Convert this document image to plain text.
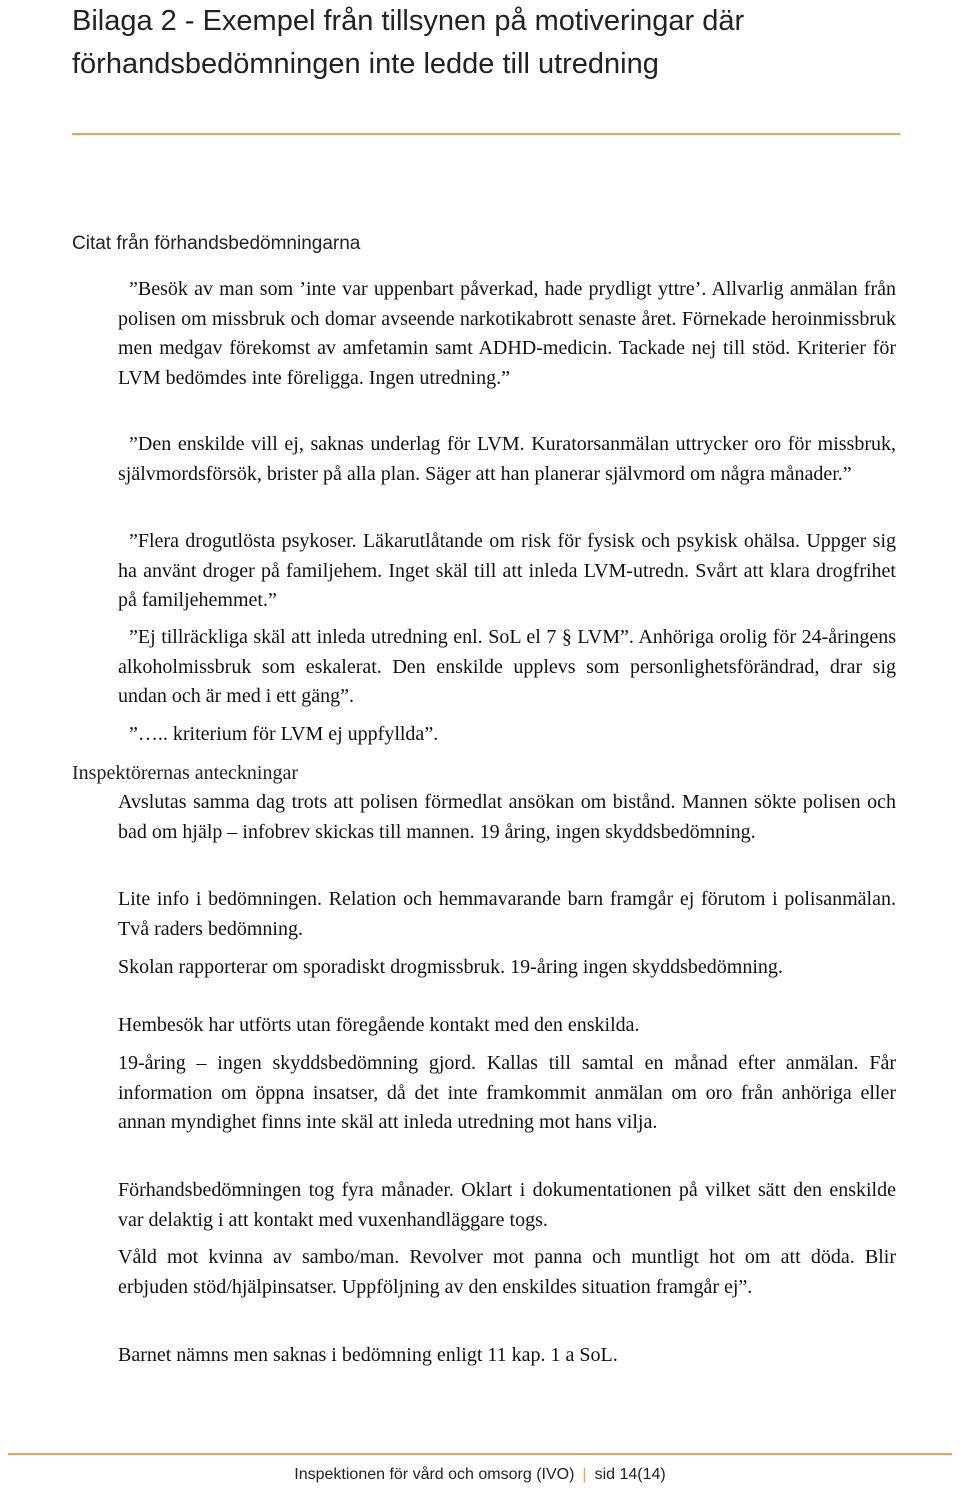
Bilaga 2 - Exempel från tillsynen på motiveringar där
förhandsbedömningen inte ledde till utredning
Citat från förhandsbedömningarna

”Besök av man som ’inte var uppenbart påverkad, hade prydligt yttre’. Allvarlig anmälan från polisen om missbruk och domar avseende narkotikabrott senaste året. Förnekade heroinmissbruk men medgav förekomst av amfetamin samt ADHD-medicin. Tackade nej till stöd. Kriterier för LVM bedömdes inte föreligga. Ingen utredning.”

”Den enskilde vill ej, saknas underlag för LVM. Kuratorsanmälan uttrycker oro för missbruk, självmordsförsök, brister på alla plan. Säger att han planerar självmord om några månader.”

”Flera drogutlösta psykoser. Läkarutlåtande om risk för fysisk och psykisk ohälsa. Uppger sig ha använt droger på familjehem. Inget skäl till att inleda LVM-utredn. Svårt att klara drogfrihet på familjehemmet.”

”Ej tillräckliga skäl att inleda utredning enl. SoL el 7 § LVM”. Anhöriga orolig för 24-åringens alkoholmissbruk som eskalerat. Den enskilde upplevs som personlighetsförändrad, drar sig undan och är med i ett gäng”.

”….. kriterium för LVM ej uppfyllda”.

Inspektörernas anteckningar

Avslutas samma dag trots att polisen förmedlat ansökan om bistånd. Mannen sökte polisen och bad om hjälp – infobrev skickas till mannen. 19 åring, ingen skyddsbedömning.

Lite info i bedömningen. Relation och hemmavarande barn framgår ej förutom i polisanmälan. Två raders bedömning.

Skolan rapporterar om sporadiskt drogmissbruk. 19-åring ingen skyddsbedömning.

Hembesök har utförts utan föregående kontakt med den enskilda.

19-åring – ingen skyddsbedömning gjord. Kallas till samtal en månad efter anmälan. Får information om öppna insatser, då det inte framkommit anmälan om oro från anhöriga eller annan myndighet finns inte skäl att inleda utredning mot hans vilja.

Förhandsbedömningen tog fyra månader. Oklart i dokumentationen på vilket sätt den enskilde var delaktig i att kontakt med vuxenhandläggare togs.

Våld mot kvinna av sambo/man. Revolver mot panna och muntligt hot om att döda. Blir erbjuden stöd/hjälpinsatser. Uppföljning av den enskildes situation framgår ej”.

Barnet nämns men saknas i bedömning enligt 11 kap. 1 a SoL.

Inspektionen för vård och omsorg (IVO) | sid 14(14)
